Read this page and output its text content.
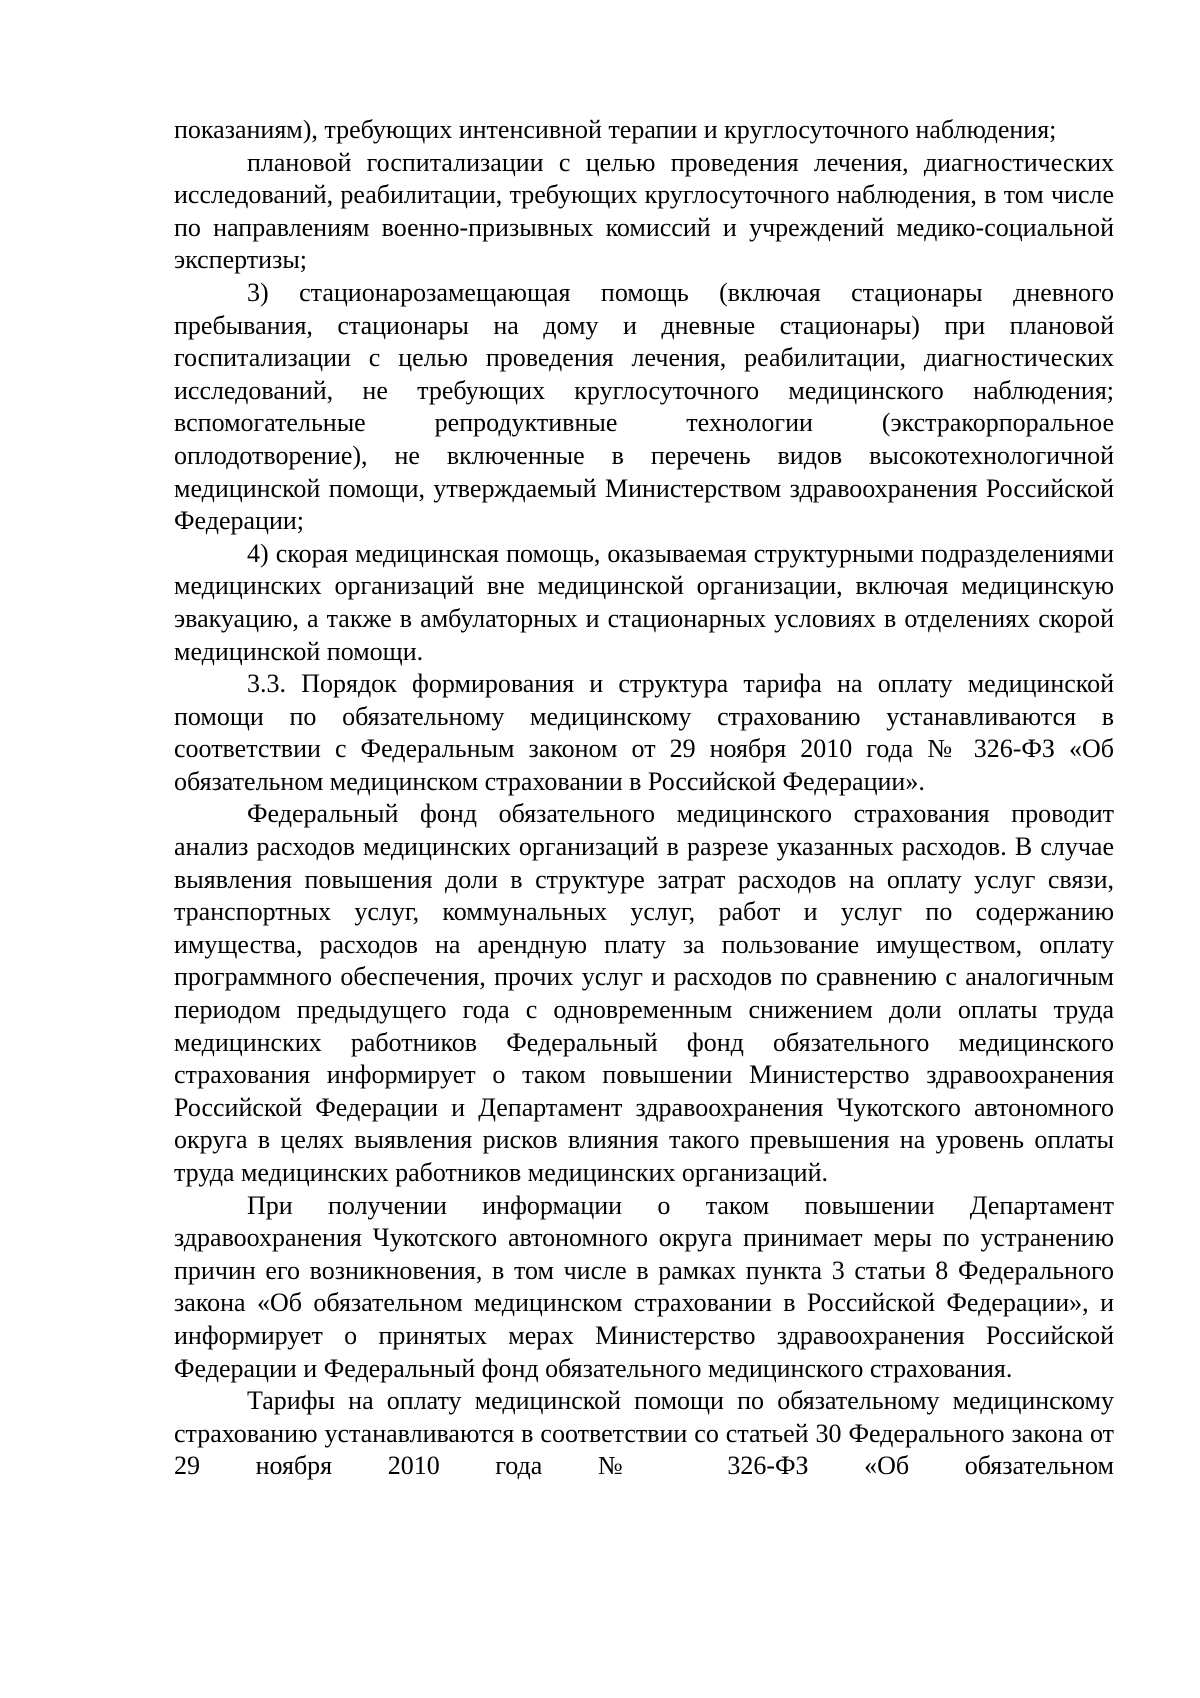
показаниям), требующих интенсивной терапии и круглосуточного наблюдения;

плановой госпитализации с целью проведения лечения, диагностических исследований, реабилитации, требующих круглосуточного наблюдения, в том числе по направлениям военно-призывных комиссий и учреждений медико-социальной экспертизы;

3) стационарозамещающая помощь (включая стационары дневного пребывания, стационары на дому и дневные стационары) при плановой госпитализации с целью проведения лечения, реабилитации, диагностических исследований, не требующих круглосуточного медицинского наблюдения; вспомогательные репродуктивные технологии (экстракорпоральное оплодотворение), не включенные в перечень видов высокотехнологичной медицинской помощи, утверждаемый Министерством здравоохранения Российской Федерации;

4) скорая медицинская помощь, оказываемая структурными подразделениями медицинских организаций вне медицинской организации, включая медицинскую эвакуацию, а также в амбулаторных и стационарных условиях в отделениях скорой медицинской помощи.

3.3. Порядок формирования и структура тарифа на оплату медицинской помощи по обязательному медицинскому страхованию устанавливаются в соответствии с Федеральным законом от 29 ноября 2010 года № 326-ФЗ «Об обязательном медицинском страховании в Российской Федерации».

Федеральный фонд обязательного медицинского страхования проводит анализ расходов медицинских организаций в разрезе указанных расходов. В случае выявления повышения доли в структуре затрат расходов на оплату услуг связи, транспортных услуг, коммунальных услуг, работ и услуг по содержанию имущества, расходов на арендную плату за пользование имуществом, оплату программного обеспечения, прочих услуг и расходов по сравнению с аналогичным периодом предыдущего года с одновременным снижением доли оплаты труда медицинских работников Федеральный фонд обязательного медицинского страхования информирует о таком повышении Министерство здравоохранения Российской Федерации и Департамент здравоохранения Чукотского автономного округа в целях выявления рисков влияния такого превышения на уровень оплаты труда медицинских работников медицинских организаций.

При получении информации о таком повышении Департамент здравоохранения Чукотского автономного округа принимает меры по устранению причин его возникновения, в том числе в рамках пункта 3 статьи 8 Федерального закона «Об обязательном медицинском страховании в Российской Федерации», и информирует о принятых мерах Министерство здравоохранения Российской Федерации и Федеральный фонд обязательного медицинского страхования.

Тарифы на оплату медицинской помощи по обязательному медицинскому страхованию устанавливаются в соответствии со статьей 30 Федерального закона от 29 ноября 2010 года № 326-ФЗ «Об обязательном
